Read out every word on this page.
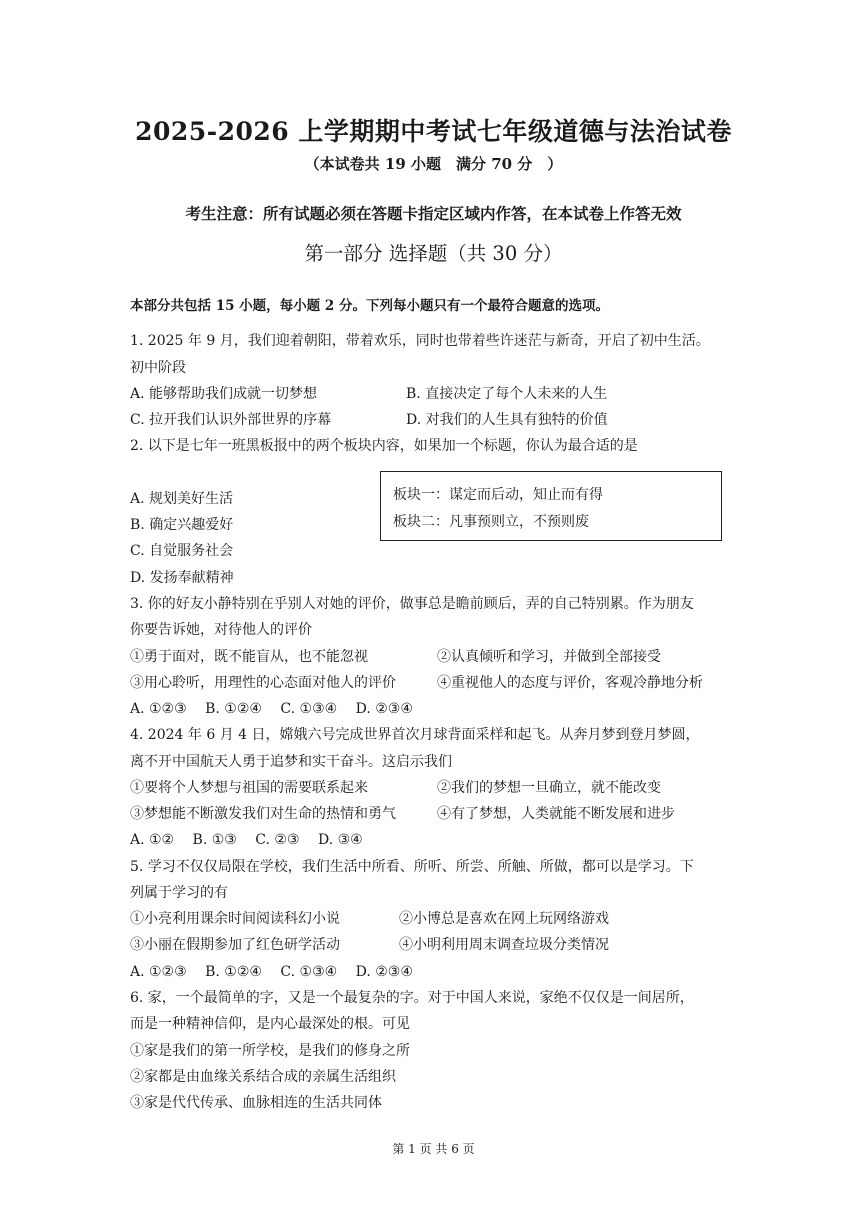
2025-2026 上学期期中考试七年级道德与法治试卷
（本试卷共 19 小题　满分 70 分　）
考生注意：所有试题必须在答题卡指定区域内作答，在本试卷上作答无效
第一部分 选择题（共 30 分）
本部分共包括 15 小题，每小题 2 分。下列每小题只有一个最符合题意的选项。
1. 2025 年 9 月，我们迎着朝阳，带着欢乐，同时也带着些许迷茫与新奇，开启了初中生活。
初中阶段
A. 能够帮助我们成就一切梦想	B. 直接决定了每个人未来的人生
C. 拉开我们认识外部世界的序幕	D. 对我们的人生具有独特的价值
2. 以下是七年一班黑板报中的两个板块内容，如果加一个标题，你认为最合适的是
板块一：谋定而后动，知止而有得
板块二：凡事预则立，不预则废
A. 规划美好生活
B. 确定兴趣爱好
C. 自觉服务社会
D. 发扬奉献精神
3. 你的好友小静特别在乎别人对她的评价，做事总是瞻前顾后，弄的自己特别累。作为朋友
你要告诉她，对待他人的评价
①勇于面对，既不能盲从，也不能忽视	②认真倾听和学习，并做到全部接受
③用心聆听，用理性的心态面对他人的评价	④重视他人的态度与评价，客观冷静地分析
A. ①②③　 B. ①②④　 C. ①③④　 D. ②③④
4. 2024 年 6 月 4 日，嫦娥六号完成世界首次月球背面采样和起飞。从奔月梦到登月梦圆，
离不开中国航天人勇于追梦和实干奋斗。这启示我们
①要将个人梦想与祖国的需要联系起来	②我们的梦想一旦确立，就不能改变
③梦想能不断激发我们对生命的热情和勇气	④有了梦想，人类就能不断发展和进步
A. ①②　 B. ①③　 C. ②③　 D. ③④
5. 学习不仅仅局限在学校，我们生活中所看、所听、所尝、所触、所做，都可以是学习。下
列属于学习的有
①小亮利用课余时间阅读科幻小说	②小博总是喜欢在网上玩网络游戏
③小丽在假期参加了红色研学活动	④小明利用周末调查垃圾分类情况
A. ①②③　 B. ①②④　 C. ①③④　 D. ②③④
6. 家，一个最简单的字，又是一个最复杂的字。对于中国人来说，家绝不仅仅是一间居所，
而是一种精神信仰，是内心最深处的根。可见
①家是我们的第一所学校，是我们的修身之所
②家都是由血缘关系结合成的亲属生活组织
③家是代代传承、血脉相连的生活共同体
第 1 页 共 6 页
